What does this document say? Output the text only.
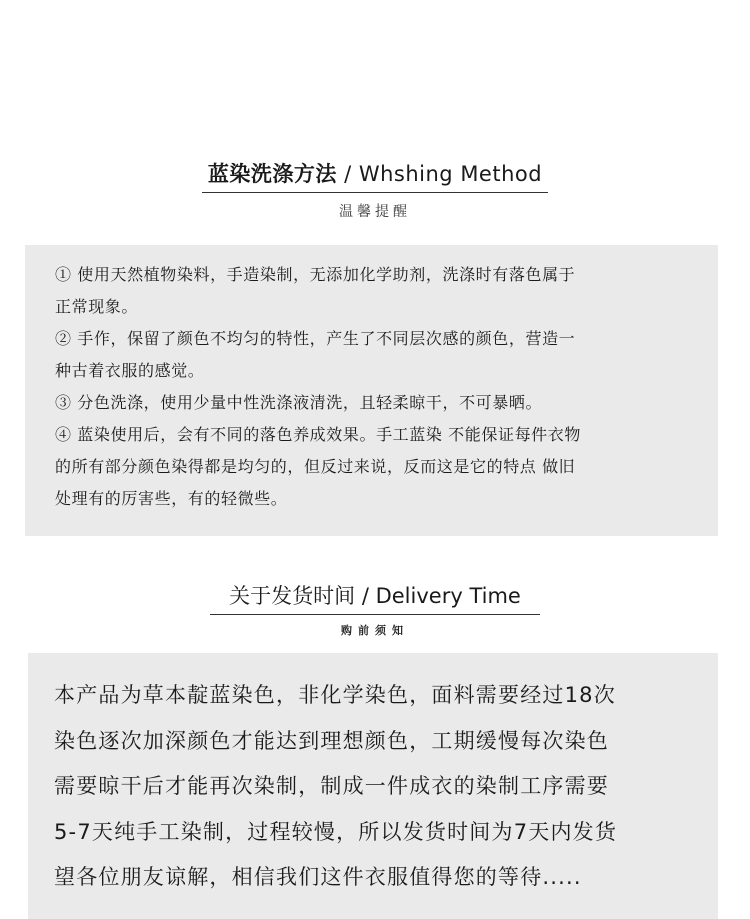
蓝染洗涤方法 / Whshing Method
温馨提醒

① 使用天然植物染料，手造染制，无添加化学助剂，洗涤时有落色属于

正常现象。

② 手作，保留了颜色不均匀的特性，产生了不同层次感的颜色，营造一

种古着衣服的感觉。

③ 分色洗涤，使用少量中性洗涤液清洗，且轻柔晾干，不可暴晒。

④ 蓝染使用后，会有不同的落色养成效果。手工蓝染 不能保证每件衣物

的所有部分颜色染得都是均匀的，但反过来说，反而这是它的特点 做旧

处理有的厉害些，有的轻微些。

关于发货时间 / Delivery Time
购前须知

本产品为草本靛蓝染色，非化学染色，面料需要经过18次

染色逐次加深颜色才能达到理想颜色，工期缓慢每次染色

需要晾干后才能再次染制，制成一件成衣的染制工序需要

5-7天纯手工染制，过程较慢，所以发货时间为7天内发货

望各位朋友谅解，相信我们这件衣服值得您的等待.....
